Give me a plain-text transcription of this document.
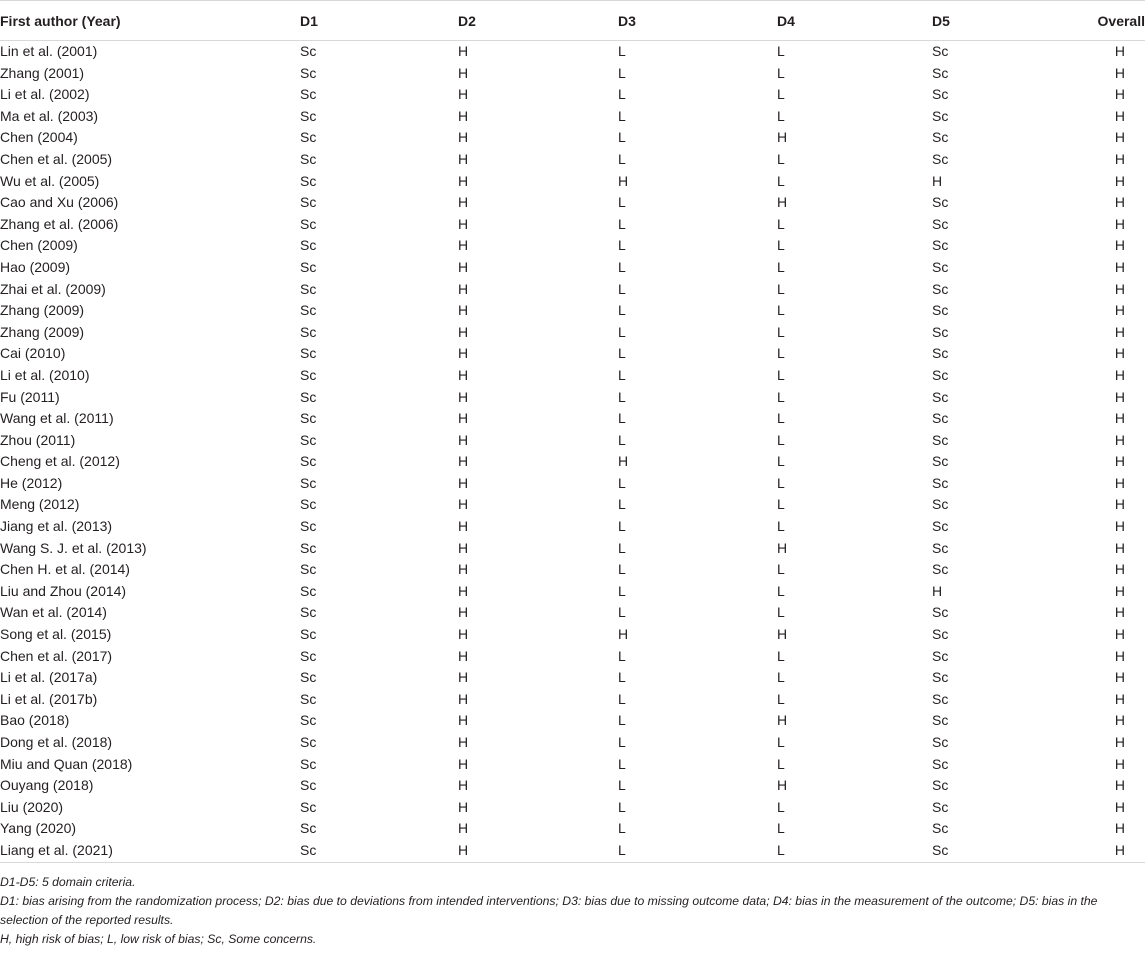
First author (Year)	D1	D2	D3	D4	D5	Overall
Lin et al. (2001)	Sc	H	L	L	Sc	H
Zhang (2001)	Sc	H	L	L	Sc	H
Li et al. (2002)	Sc	H	L	L	Sc	H
Ma et al. (2003)	Sc	H	L	L	Sc	H
Chen (2004)	Sc	H	L	H	Sc	H
Chen et al. (2005)	Sc	H	L	L	Sc	H
Wu et al. (2005)	Sc	H	H	L	H	H
Cao and Xu (2006)	Sc	H	L	H	Sc	H
Zhang et al. (2006)	Sc	H	L	L	Sc	H
Chen (2009)	Sc	H	L	L	Sc	H
Hao (2009)	Sc	H	L	L	Sc	H
Zhai et al. (2009)	Sc	H	L	L	Sc	H
Zhang (2009)	Sc	H	L	L	Sc	H
Zhang (2009)	Sc	H	L	L	Sc	H
Cai (2010)	Sc	H	L	L	Sc	H
Li et al. (2010)	Sc	H	L	L	Sc	H
Fu (2011)	Sc	H	L	L	Sc	H
Wang et al. (2011)	Sc	H	L	L	Sc	H
Zhou (2011)	Sc	H	L	L	Sc	H
Cheng et al. (2012)	Sc	H	H	L	Sc	H
He (2012)	Sc	H	L	L	Sc	H
Meng (2012)	Sc	H	L	L	Sc	H
Jiang et al. (2013)	Sc	H	L	L	Sc	H
Wang S. J. et al. (2013)	Sc	H	L	H	Sc	H
Chen H. et al. (2014)	Sc	H	L	L	Sc	H
Liu and Zhou (2014)	Sc	H	L	L	H	H
Wan et al. (2014)	Sc	H	L	L	Sc	H
Song et al. (2015)	Sc	H	H	H	Sc	H
Chen et al. (2017)	Sc	H	L	L	Sc	H
Li et al. (2017a)	Sc	H	L	L	Sc	H
Li et al. (2017b)	Sc	H	L	L	Sc	H
Bao (2018)	Sc	H	L	H	Sc	H
Dong et al. (2018)	Sc	H	L	L	Sc	H
Miu and Quan (2018)	Sc	H	L	L	Sc	H
Ouyang (2018)	Sc	H	L	H	Sc	H
Liu (2020)	Sc	H	L	L	Sc	H
Yang (2020)	Sc	H	L	L	Sc	H
Liang et al. (2021)	Sc	H	L	L	Sc	H

D1-D5: 5 domain criteria.

D1: bias arising from the randomization process; D2: bias due to deviations from intended interventions; D3: bias due to missing outcome data; D4: bias in the measurement of the outcome; D5: bias in the selection of the reported results.

H, high risk of bias; L, low risk of bias; Sc, Some concerns.
